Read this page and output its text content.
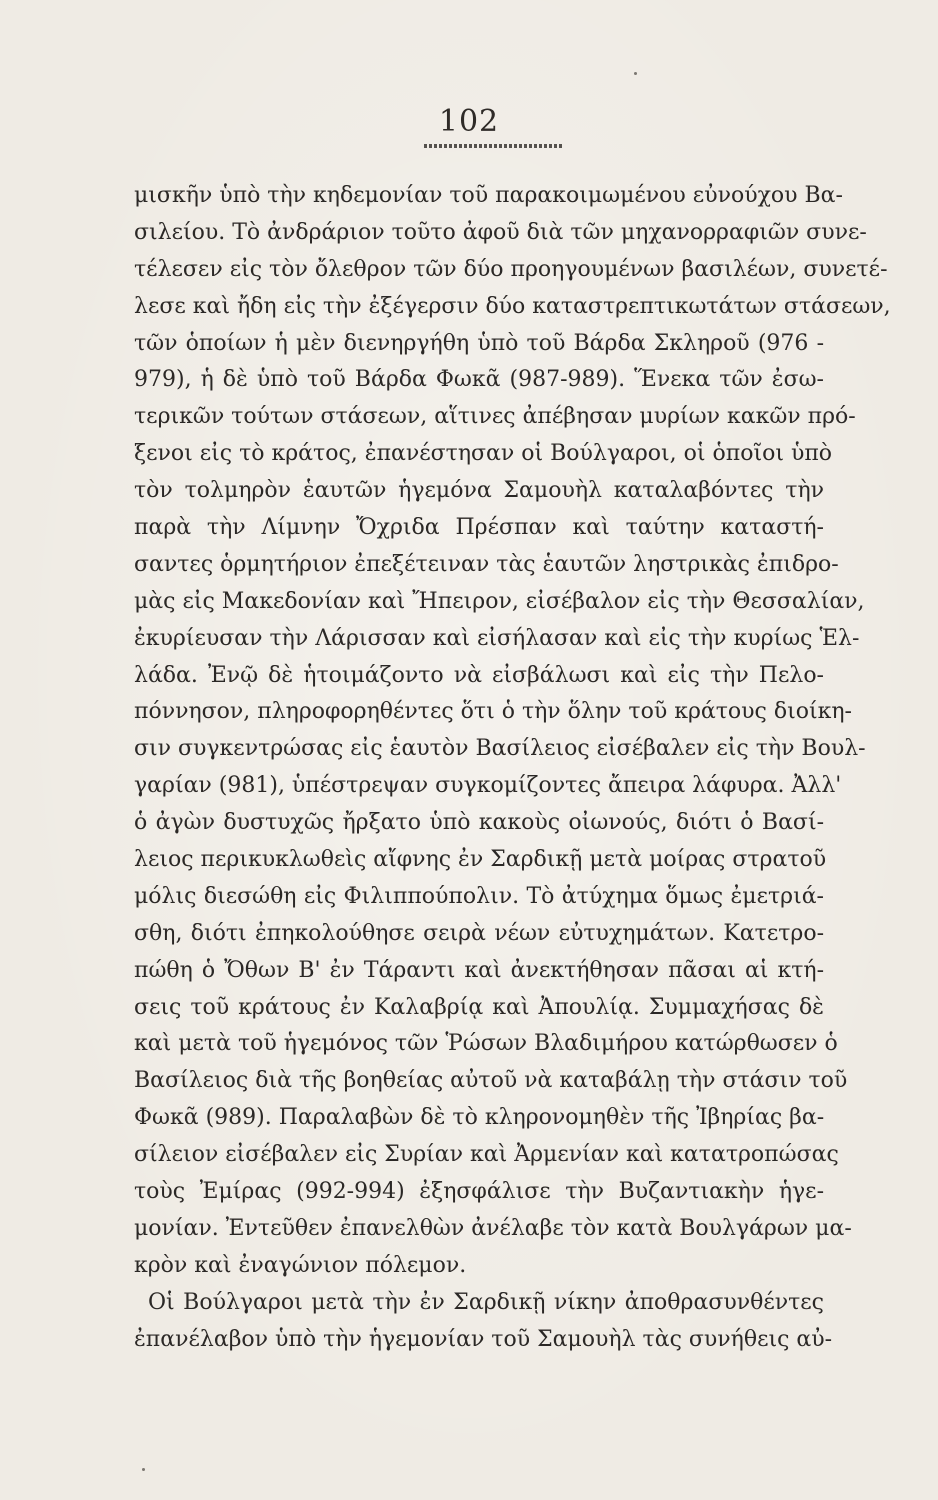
102
μισκῆν ὑπὸ τὴν κηδεμονίαν τοῦ παρακοιμωμένου εὐνούχου Βα-
σιλείου. Τὸ ἀνδράριον τοῦτο ἀφοῦ διὰ τῶν μηχανορραφιῶν συνε-
τέλεσεν εἰς τὸν ὄλεθρον τῶν δύο προηγουμένων βασιλέων, συνετέ-
λεσε καὶ ἤδη εἰς τὴν ἐξέγερσιν δύο καταστρεπτικωτάτων στάσεων,
τῶν ὁποίων ἡ μὲν διενηργήθη ὑπὸ τοῦ Βάρδα Σκληροῦ (976 -
979), ἡ δὲ ὑπὸ τοῦ Βάρδα Φωκᾶ (987-989). Ἕνεκα τῶν ἐσω-
τερικῶν τούτων στάσεων, αἵτινες ἀπέβησαν μυρίων κακῶν πρό-
ξενοι εἰς τὸ κράτος, ἐπανέστησαν οἱ Βούλγαροι, οἱ ὁποῖοι ὑπὸ
τὸν τολμηρὸν ἑαυτῶν ἡγεμόνα Σαμουὴλ καταλαβόντες τὴν
παρὰ τὴν Λίμνην Ὄχριδα Πρέσπαν καὶ ταύτην καταστή-
σαντες ὁρμητήριον ἐπεξέτειναν τὰς ἑαυτῶν ληστρικὰς ἐπιδρο-
μὰς εἰς Μακεδονίαν καὶ Ἤπειρον, εἰσέβαλον εἰς τὴν Θεσσαλίαν,
ἐκυρίευσαν τὴν Λάρισσαν καὶ εἰσήλασαν καὶ εἰς τὴν κυρίως Ἑλ-
λάδα. Ἐνῷ δὲ ἡτοιμάζοντο νὰ εἰσβάλωσι καὶ εἰς τὴν Πελο-
πόννησον, πληροφορηθέντες ὅτι ὁ τὴν ὅλην τοῦ κράτους διοίκη-
σιν συγκεντρώσας εἰς ἑαυτὸν Βασίλειος εἰσέβαλεν εἰς τὴν Βουλ-
γαρίαν (981), ὑπέστρεψαν συγκομίζοντες ἄπειρα λάφυρα. Ἀλλ'
ὁ ἀγὼν δυστυχῶς ἤρξατο ὑπὸ κακοὺς οἰωνούς, διότι ὁ Βασί-
λειος περικυκλωθεὶς αἴφνης ἐν Σαρδικῇ μετὰ μοίρας στρατοῦ
μόλις διεσώθη εἰς Φιλιππούπολιν. Τὸ ἀτύχημα ὅμως ἐμετριά-
σθη, διότι ἐπηκολούθησε σειρὰ νέων εὐτυχημάτων. Κατετρο-
πώθη ὁ Ὄθων Β' ἐν Τάραντι καὶ ἀνεκτήθησαν πᾶσαι αἱ κτή-
σεις τοῦ κράτους ἐν Καλαβρίᾳ καὶ Ἀπουλίᾳ. Συμμαχήσας δὲ
καὶ μετὰ τοῦ ἡγεμόνος τῶν Ῥώσων Βλαδιμήρου κατώρθωσεν ὁ
Βασίλειος διὰ τῆς βοηθείας αὐτοῦ νὰ καταβάλῃ τὴν στάσιν τοῦ
Φωκᾶ (989). Παραλαβὼν δὲ τὸ κληρονομηθὲν τῆς Ἰβηρίας βα-
σίλειον εἰσέβαλεν εἰς Συρίαν καὶ Ἀρμενίαν καὶ κατατροπώσας
τοὺς Ἐμίρας (992-994) ἐξησφάλισε τὴν Βυζαντιακὴν ἡγε-
μονίαν. Ἐντεῦθεν ἐπανελθὼν ἀνέλαβε τὸν κατὰ Βουλγάρων μα-
κρὸν καὶ ἐναγώνιον πόλεμον.
Οἱ Βούλγαροι μετὰ τὴν ἐν Σαρδικῇ νίκην ἀποθρασυνθέντες
ἐπανέλαβον ὑπὸ τὴν ἡγεμονίαν τοῦ Σαμουὴλ τὰς συνήθεις αὐ-
